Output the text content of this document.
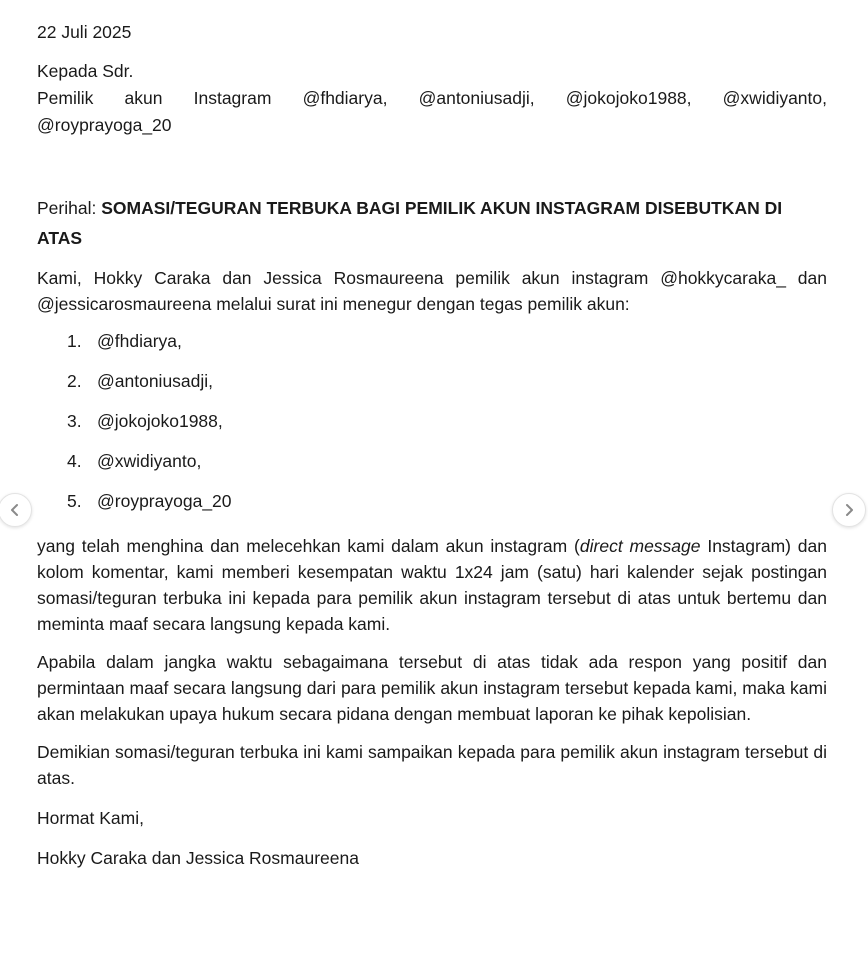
22 Juli 2025
Kepada Sdr.
Pemilik akun Instagram @fhdiarya, @antoniusadji, @jokojoko1988, @xwidiyanto,
@royprayoga_20
Perihal: SOMASI/TEGURAN TERBUKA BAGI PEMILIK AKUN INSTAGRAM DISEBUTKAN DI ATAS

Kami, Hokky Caraka dan Jessica Rosmaureena pemilik akun instagram @hokkycaraka_ dan @jessicarosmaureena melalui surat ini menegur dengan tegas pemilik akun:

1. @fhdiarya,
2. @antoniusadji,
3. @jokojoko1988,
4. @xwidiyanto,
5. @royprayoga_20

yang telah menghina dan melecehkan kami dalam akun instagram (direct message Instagram) dan kolom komentar, kami memberi kesempatan waktu 1x24 jam (satu) hari kalender sejak postingan somasi/teguran terbuka ini kepada para pemilik akun instagram tersebut di atas untuk bertemu dan meminta maaf secara langsung kepada kami.

Apabila dalam jangka waktu sebagaimana tersebut di atas tidak ada respon yang positif dan permintaan maaf secara langsung dari para pemilik akun instagram tersebut kepada kami, maka kami akan melakukan upaya hukum secara pidana dengan membuat laporan ke pihak kepolisian.

Demikian somasi/teguran terbuka ini kami sampaikan kepada para pemilik akun instagram tersebut di atas.

Hormat Kami,
Hokky Caraka dan Jessica Rosmaureena
